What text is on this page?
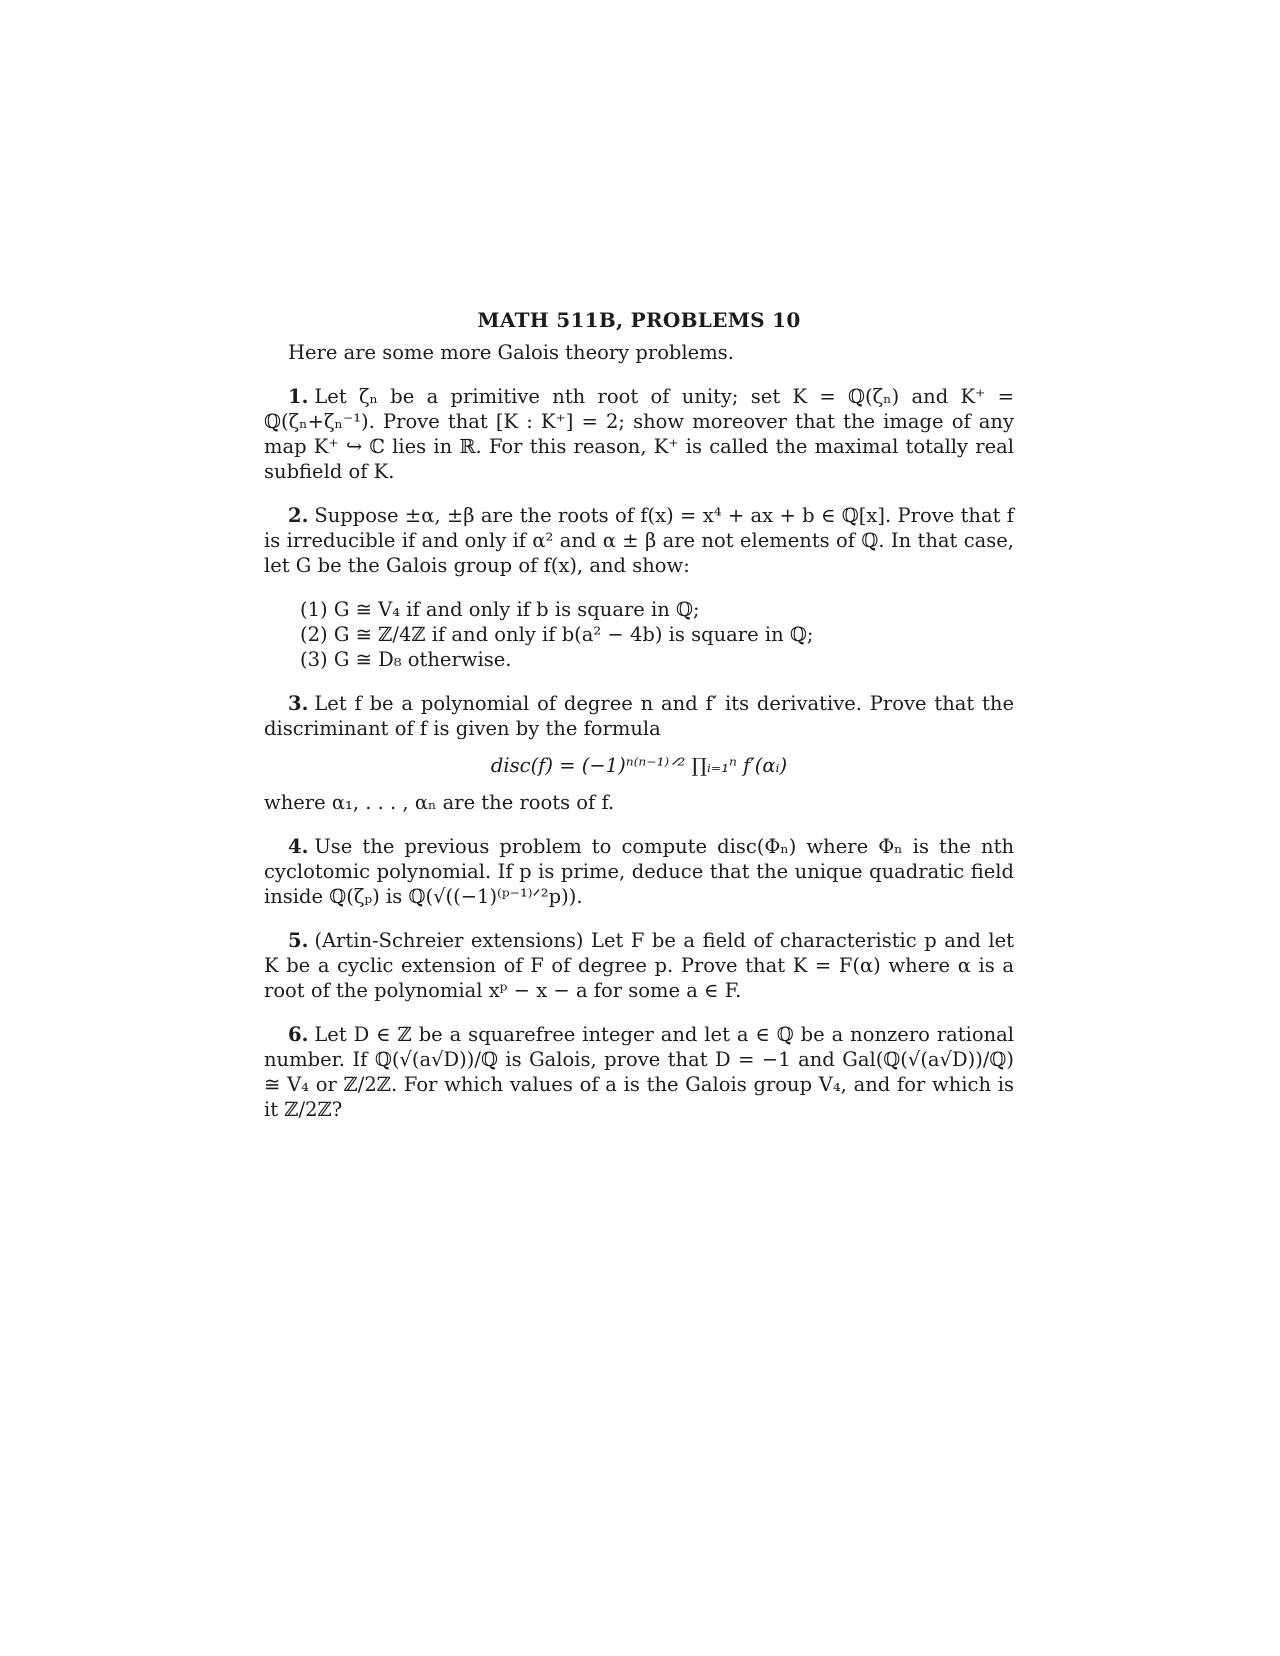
MATH 511B, PROBLEMS 10

Here are some more Galois theory problems.

1. Let ζₙ be a primitive nth root of unity; set K = ℚ(ζₙ) and K⁺ = ℚ(ζₙ+ζₙ⁻¹). Prove that [K : K⁺] = 2; show moreover that the image of any map K⁺ ↪ ℂ lies in ℝ. For this reason, K⁺ is called the maximal totally real subfield of K.
2. Suppose ±α, ±β are the roots of f(x) = x⁴ + ax + b ∈ ℚ[x]. Prove that f is irreducible if and only if α² and α ± β are not elements of ℚ. In that case, let G be the Galois group of f(x), and show:

(1) G ≅ V₄ if and only if b is square in ℚ;

(2) G ≅ ℤ/4ℤ if and only if b(a² − 4b) is square in ℚ;

(3) G ≅ D₈ otherwise.

3. Let f be a polynomial of degree n and f′ its derivative. Prove that the discriminant of f is given by the formula
disc(f) = (−1)ⁿ⁽ⁿ⁻¹⁾ᐟ² ∏ᵢ₌₁ⁿ f′(αᵢ)

where α₁, . . . , αₙ are the roots of f.

4. Use the previous problem to compute disc(Φₙ) where Φₙ is the nth cyclotomic polynomial. If p is prime, deduce that the unique quadratic field inside ℚ(ζₚ) is ℚ(√((−1)⁽ᵖ⁻¹⁾ᐟ²p)).
5. (Artin-Schreier extensions) Let F be a field of characteristic p and let K be a cyclic extension of F of degree p. Prove that K = F(α) where α is a root of the polynomial xᵖ − x − a for some a ∈ F.
6. Let D ∈ ℤ be a squarefree integer and let a ∈ ℚ be a nonzero rational number. If ℚ(√(a√D))/ℚ is Galois, prove that D = −1 and Gal(ℚ(√(a√D))/ℚ) ≅ V₄ or ℤ/2ℤ. For which values of a is the Galois group V₄, and for which is it ℤ/2ℤ?
